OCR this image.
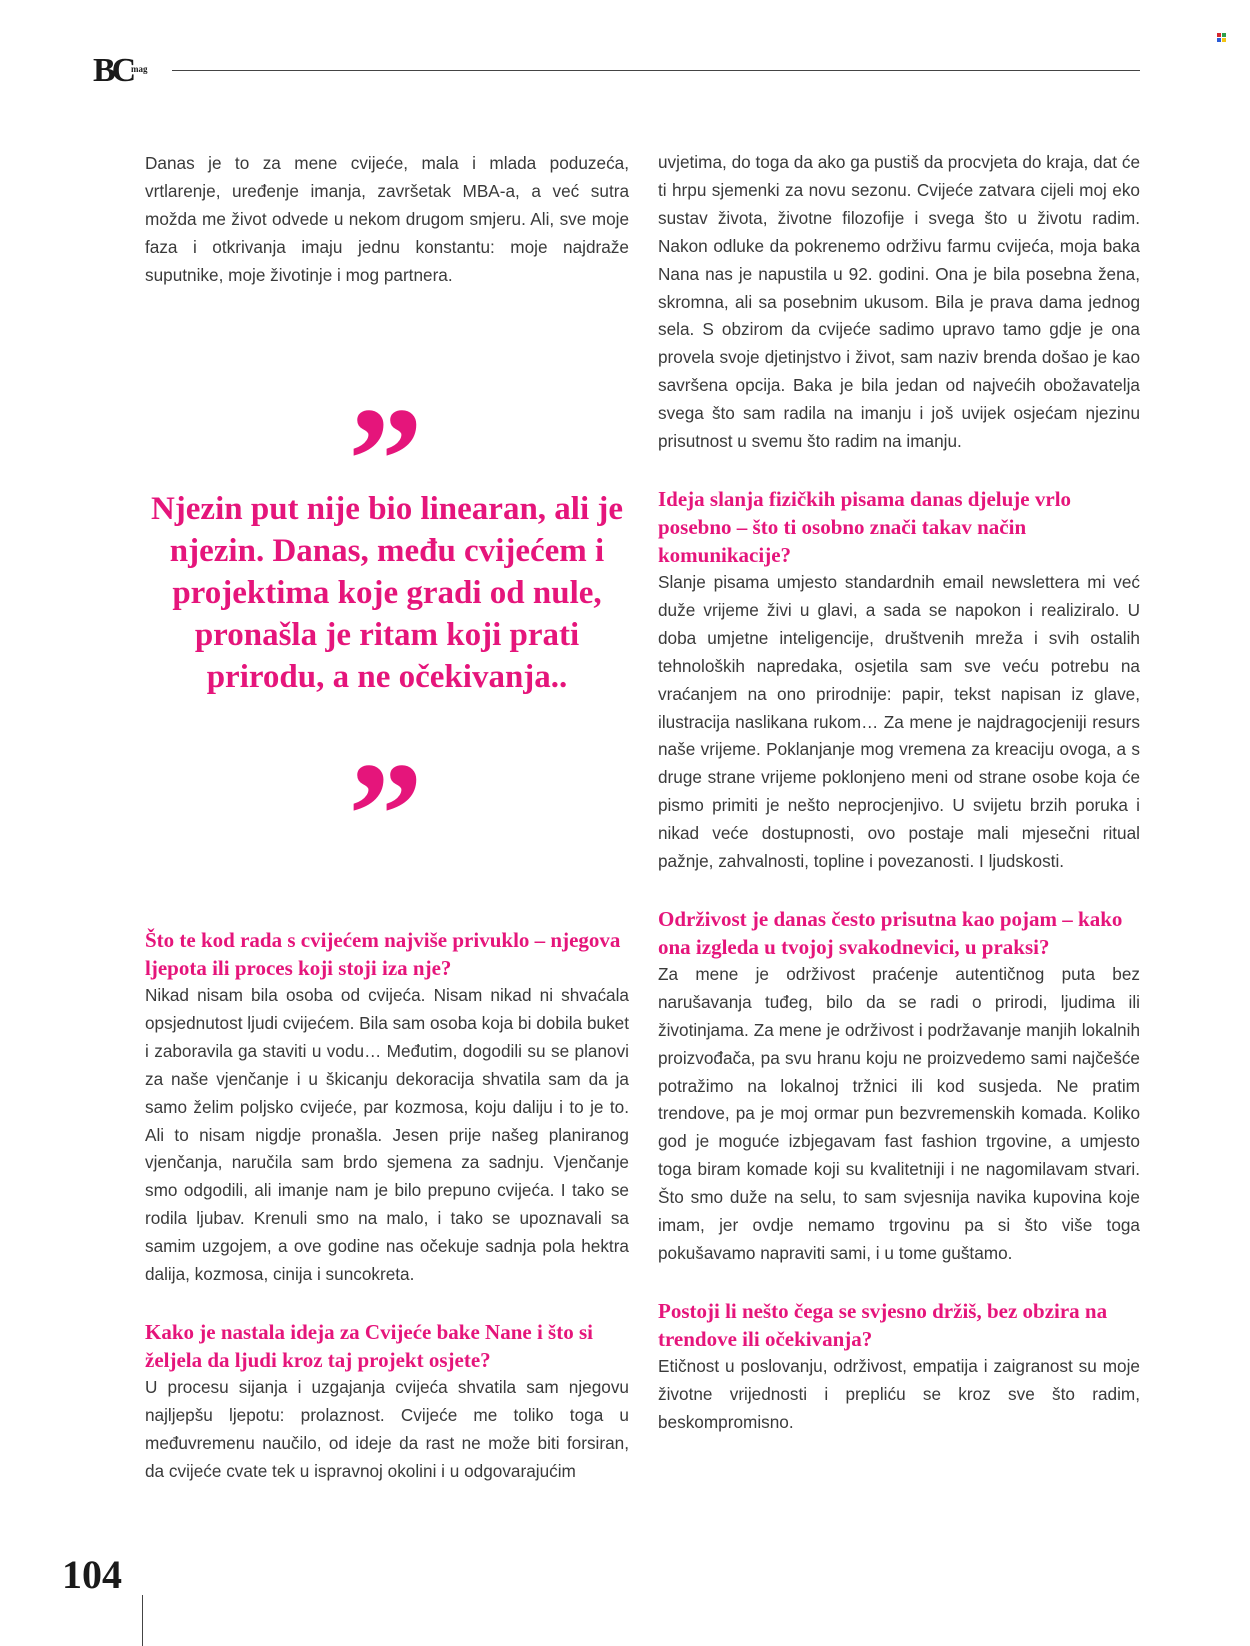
BC
mag

Danas je to za mene cvijeće, mala i mlada poduzeća, vrtlarenje, uređenje imanja, završetak MBA-a, a već sutra možda me život odvede u nekom drugom smjeru. Ali, sve moje faza i otkrivanja imaju jednu konstantu: moje najdraže suputnike, moje životinje i mog partnera.

”

Njezin put nije bio linearan, ali je njezin. Danas, među cvijećem i projektima koje gradi od nule, pronašla je ritam koji prati prirodu, a ne očekivanja..

”

Što te kod rada s cvijećem najviše privuklo – njegova ljepota ili proces koji stoji iza nje?

Nikad nisam bila osoba od cvijeća. Nisam nikad ni shvaćala opsjednutost ljudi cvijećem. Bila sam osoba koja bi dobila buket i zaboravila ga staviti u vodu… Međutim, dogodili su se planovi za naše vjenčanje i u škicanju dekoracija shvatila sam da ja samo želim poljsko cvijeće, par kozmosa, koju daliju i to je to. Ali to nisam nigdje pronašla. Jesen prije našeg planiranog vjenčanja, naručila sam brdo sjemena za sadnju. Vjenčanje smo odgodili, ali imanje nam je bilo prepuno cvijeća. I tako se rodila ljubav. Krenuli smo na malo, i tako se upoznavali sa samim uzgojem, a ove godine nas očekuje sadnja pola hektra dalija, kozmosa, cinija i suncokreta.

Kako je nastala ideja za Cvijeće bake Nane i što si željela da ljudi kroz taj projekt osjete?

U procesu sijanja i uzgajanja cvijeća shvatila sam njegovu najljepšu ljepotu: prolaznost. Cvijeće me toliko toga u međuvremenu naučilo, od ideje da rast ne može biti forsiran, da cvijeće cvate tek u ispravnoj okolini i u odgovarajućim

uvjetima, do toga da ako ga pustiš da procvjeta do kraja, dat će ti hrpu sjemenki za novu sezonu. Cvijeće zatvara cijeli moj eko sustav života, životne filozofije i svega što u životu radim. Nakon odluke da pokrenemo održivu farmu cvijeća, moja baka Nana nas je napustila u 92. godini. Ona je bila posebna žena, skromna, ali sa posebnim ukusom. Bila je prava dama jednog sela. S obzirom da cvijeće sadimo upravo tamo gdje je ona provela svoje djetinjstvo i život, sam naziv brenda došao je kao savršena opcija. Baka je bila jedan od najvećih obožavatelja svega što sam radila na imanju i još uvijek osjećam njezinu prisutnost u svemu što radim na imanju.

Ideja slanja fizičkih pisama danas djeluje vrlo posebno – što ti osobno znači takav način komunikacije?

Slanje pisama umjesto standardnih email newslettera mi već duže vrijeme živi u glavi, a sada se napokon i realiziralo. U doba umjetne inteligencije, društvenih mreža i svih ostalih tehnoloških napredaka, osjetila sam sve veću potrebu na vraćanjem na ono prirodnije: papir, tekst napisan iz glave, ilustracija naslikana rukom… Za mene je najdragocjeniji resurs naše vrijeme. Poklanjanje mog vremena za kreaciju ovoga, a s druge strane vrijeme poklonjeno meni od strane osobe koja će pismo primiti je nešto neprocjenjivo. U svijetu brzih poruka i nikad veće dostupnosti, ovo postaje mali mjesečni ritual pažnje, zahvalnosti, topline i povezanosti. I ljudskosti.

Održivost je danas često prisutna kao pojam – kako ona izgleda u tvojoj svakodnevici, u praksi?

Za mene je održivost praćenje autentičnog puta bez narušavanja tuđeg, bilo da se radi o prirodi, ljudima ili životinjama. Za mene je održivost i podržavanje manjih lokalnih proizvođača, pa svu hranu koju ne proizvedemo sami najčešće potražimo na lokalnoj tržnici ili kod susjeda. Ne pratim trendove, pa je moj ormar pun bezvremenskih komada. Koliko god je moguće izbjegavam fast fashion trgovine, a umjesto toga biram komade koji su kvalitetniji i ne nagomilavam stvari. Što smo duže na selu, to sam svjesnija navika kupovina koje imam, jer ovdje nemamo trgovinu pa si što više toga pokušavamo napraviti sami, i u tome guštamo.

Postoji li nešto čega se svjesno držiš, bez obzira na trendove ili očekivanja?

Etičnost u poslovanju, održivost, empatija i zaigranost su moje životne vrijednosti i prepliću se kroz sve što radim, beskompromisno.

104
